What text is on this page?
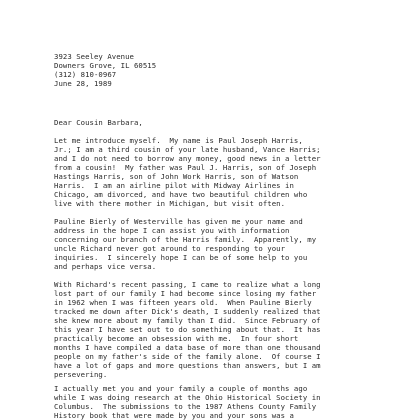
3923 Seeley Avenue
Downers Grove, IL 60515
(312) 810-0967
June 28, 1989
Dear Cousin Barbara,
Let me introduce myself.  My name is Paul Joseph Harris,
Jr.; I am a third cousin of your late husband, Vance Harris;
and I do not need to borrow any money, good news in a letter
from a cousin!  My father was Paul J. Harris, son of Joseph
Hastings Harris, son of John Work Harris, son of Watson
Harris.  I am an airline pilot with Midway Airlines in
Chicago, am divorced, and have two beautiful children who
live with there mother in Michigan, but visit often.
Pauline Bierly of Westerville has given me your name and
address in the hope I can assist you with information
concerning our branch of the Harris family.  Apparently, my
uncle Richard never got around to responding to your
inquiries.  I sincerely hope I can be of some help to you
and perhaps vice versa.
With Richard's recent passing, I came to realize what a long
lost part of our family I had become since losing my father
in 1962 when I was fifteen years old.  When Pauline Bierly
tracked me down after Dick's death, I suddenly realized that
she knew more about my family than I did.  Since February of
this year I have set out to do something about that.  It has
practically become an obsession with me.  In four short
months I have compiled a data base of more than one thousand
people on my father's side of the family alone.  Of course I
have a lot of gaps and more questions than answers, but I am
persevering.
I actually met you and your family a couple of months ago
while I was doing research at the Ohio Historical Society in
Columbus.  The submissions to the 1987 Athens County Family
History book that were made by you and your sons was a
